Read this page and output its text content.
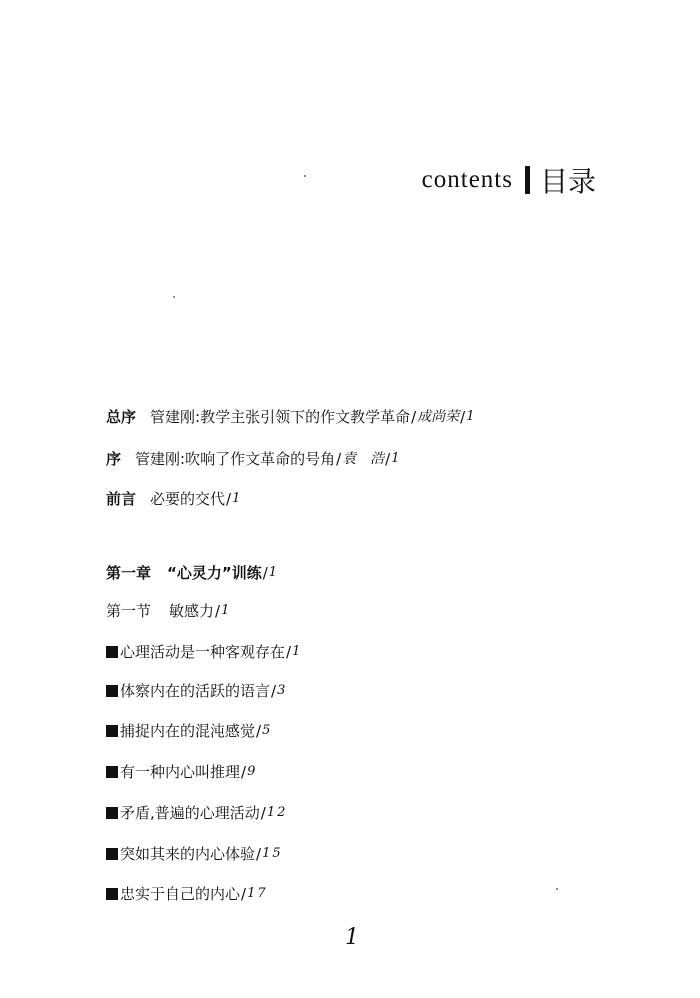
contents 目录
总序 管建刚:教学主张引领下的作文教学革命 / 成尚荣 / 1
序 管建刚:吹响了作文革命的号角 / 袁　浩 / 1
前言 必要的交代 / 1
第一章 “心灵力”训练 / 1
第一节 敏感力 / 1
心理活动是一种客观存在 / 1
体察内在的活跃的语言 / 3
捕捉内在的混沌感觉 / 5
有一种内心叫推理 / 9
矛盾,普遍的心理活动 / 12
突如其来的内心体验 / 15
忠实于自己的内心 / 17
1
